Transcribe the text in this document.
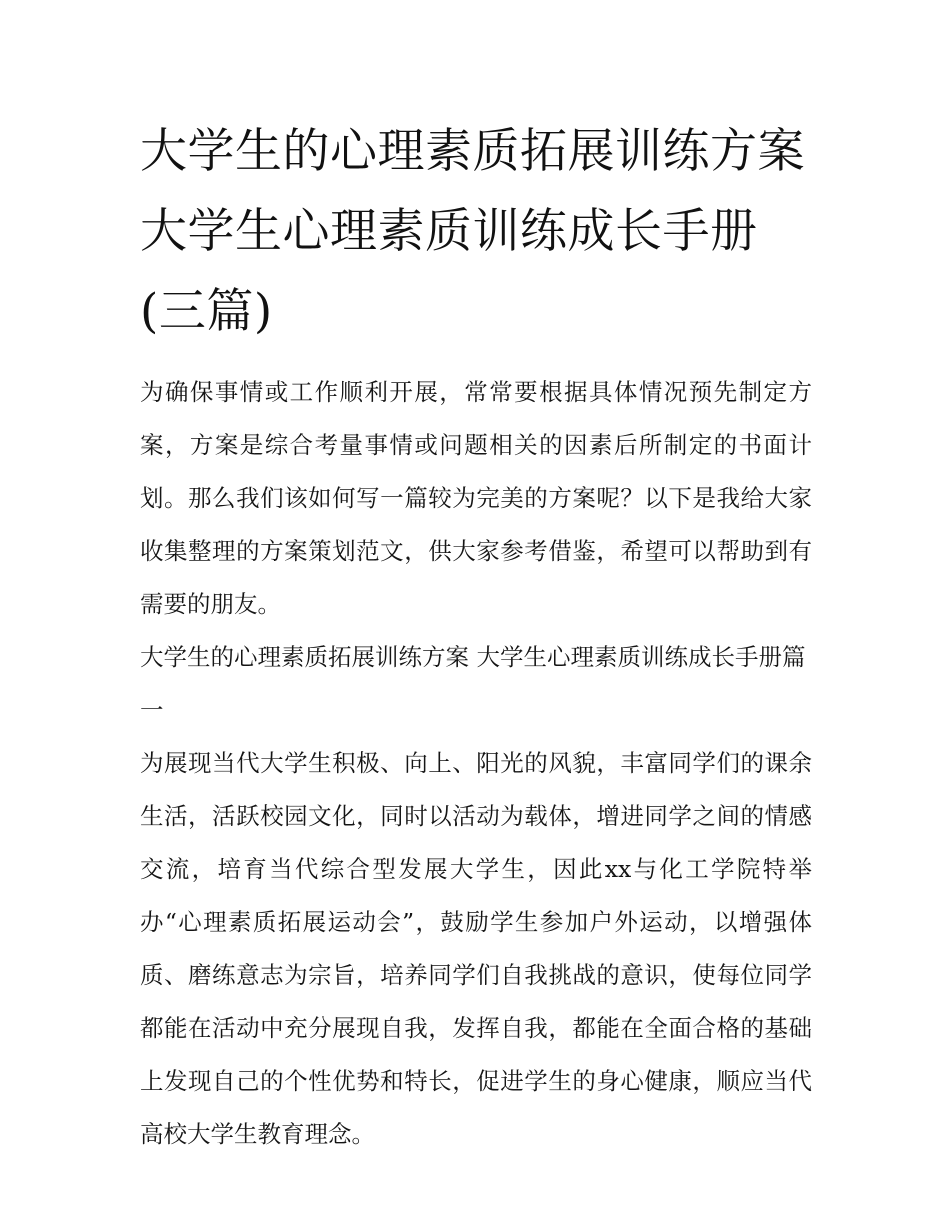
大学生的心理素质拓展训练方案 大学生心理素质训练成长手册(三篇)

为确保事情或工作顺利开展，常常要根据具体情况预先制定方案，方案是综合考量事情或问题相关的因素后所制定的书面计划。那么我们该如何写一篇较为完美的方案呢？以下是我给大家收集整理的方案策划范文，供大家参考借鉴，希望可以帮助到有需要的朋友。

大学生的心理素质拓展训练方案 大学生心理素质训练成长手册篇一

为展现当代大学生积极、向上、阳光的风貌，丰富同学们的课余生活，活跃校园文化，同时以活动为载体，增进同学之间的情感交流，培育当代综合型发展大学生，因此xx与化工学院特举办“心理素质拓展运动会”，鼓励学生参加户外运动，以增强体质、磨练意志为宗旨，培养同学们自我挑战的意识，使每位同学都能在活动中充分展现自我，发挥自我，都能在全面合格的基础上发现自己的个性优势和特长，促进学生的身心健康，顺应当代高校大学生教育理念。
